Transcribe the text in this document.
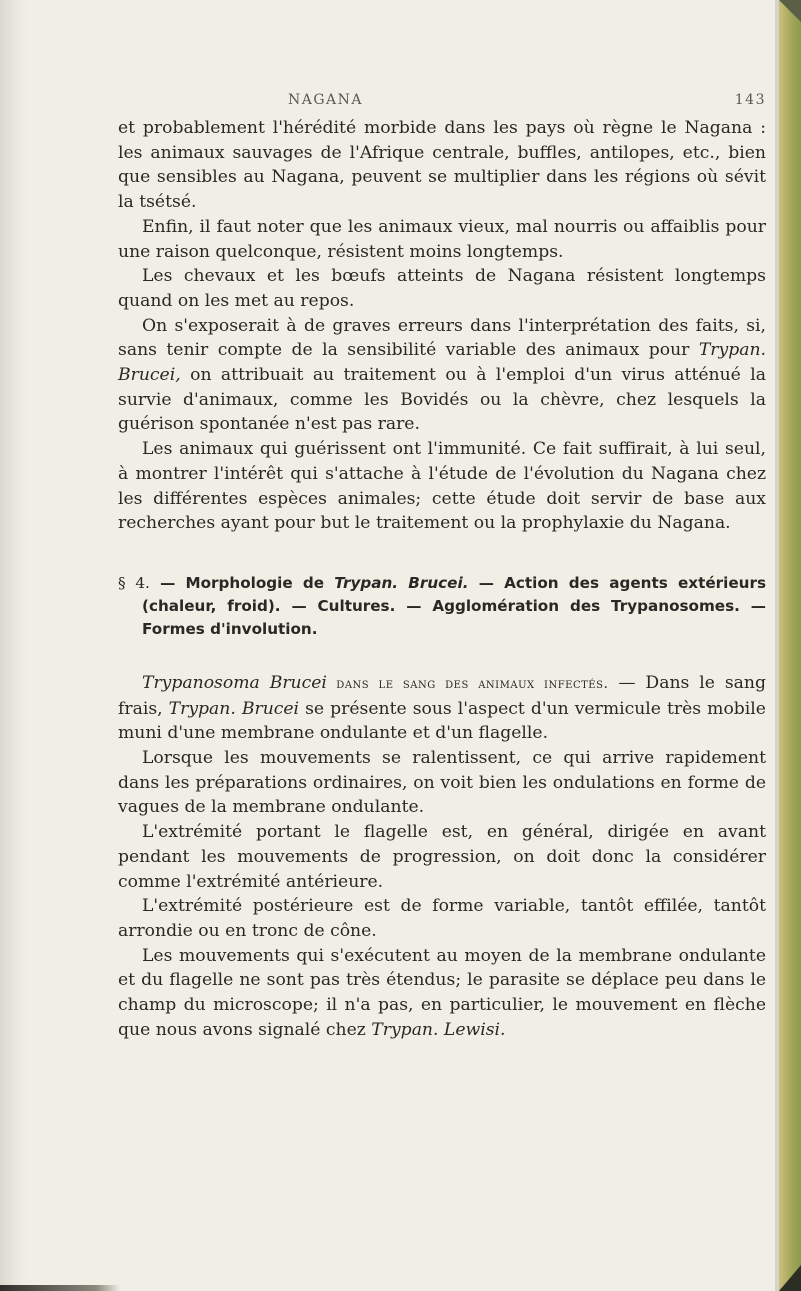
NAGANA	143

et probablement l'hérédité morbide dans les pays où règne le Nagana : les animaux sauvages de l'Afrique centrale, buffles, antilopes, etc., bien que sensibles au Nagana, peuvent se multiplier dans les régions où sévit la tsétsé.

Enfin, il faut noter que les animaux vieux, mal nourris ou affaiblis pour une raison quelconque, résistent moins longtemps.

Les chevaux et les bœufs atteints de Nagana résistent longtemps quand on les met au repos.

On s'exposerait à de graves erreurs dans l'interprétation des faits, si, sans tenir compte de la sensibilité variable des animaux pour Trypan. Brucei, on attribuait au traitement ou à l'emploi d'un virus atténué la survie d'animaux, comme les Bovidés ou la chèvre, chez lesquels la guérison spontanée n'est pas rare.

Les animaux qui guérissent ont l'immunité. Ce fait suffirait, à lui seul, à montrer l'intérêt qui s'attache à l'étude de l'évolution du Nagana chez les différentes espèces animales; cette étude doit servir de base aux recherches ayant pour but le traitement ou la prophylaxie du Nagana.

§ 4. — Morphologie de Trypan. Brucei. — Action des agents extérieurs (chaleur, froid). — Cultures. — Agglomération des Trypanosomes. — Formes d'involution.

Trypanosoma Brucei dans le sang des animaux infectés. — Dans le sang frais, Trypan. Brucei se présente sous l'aspect d'un vermicule très mobile muni d'une membrane ondulante et d'un flagelle.

Lorsque les mouvements se ralentissent, ce qui arrive rapidement dans les préparations ordinaires, on voit bien les ondulations en forme de vagues de la membrane ondulante.

L'extrémité portant le flagelle est, en général, dirigée en avant pendant les mouvements de progression, on doit donc la considérer comme l'extrémité antérieure.

L'extrémité postérieure est de forme variable, tantôt effilée, tantôt arrondie ou en tronc de cône.

Les mouvements qui s'exécutent au moyen de la membrane ondulante et du flagelle ne sont pas très étendus; le parasite se déplace peu dans le champ du microscope; il n'a pas, en particulier, le mouvement en flèche que nous avons signalé chez Trypan. Lewisi.
